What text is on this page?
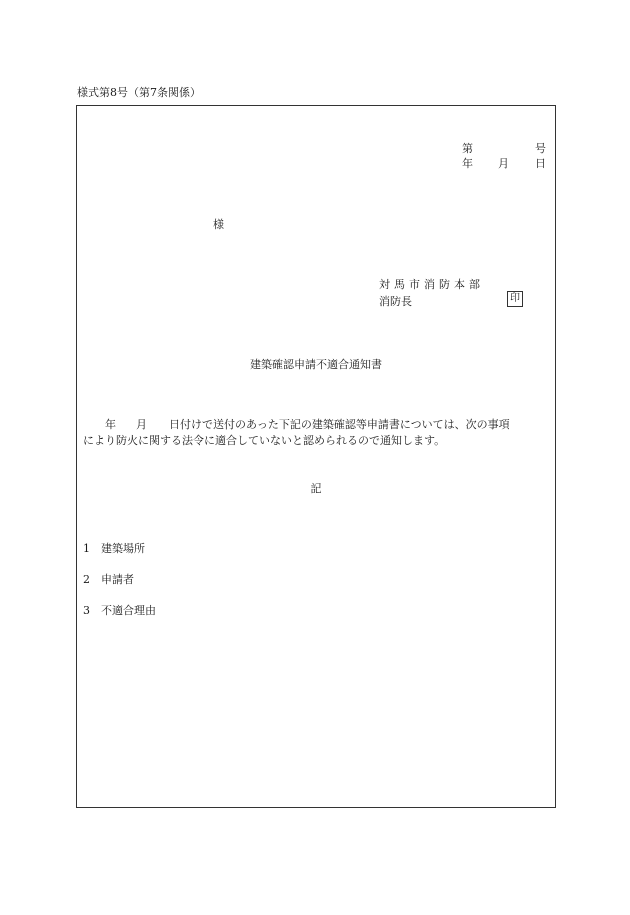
様式第8号（第7条関係）
第	号
年 月 日
様
対馬市消防本部
消防長	印
建築確認申請不適合通知書
年 月 日付けで送付のあった下記の建築確認等申請書については、次の事項
により防火に関する法令に適合していないと認められるので通知します。
記
1 建築場所
2 申請者
3 不適合理由
